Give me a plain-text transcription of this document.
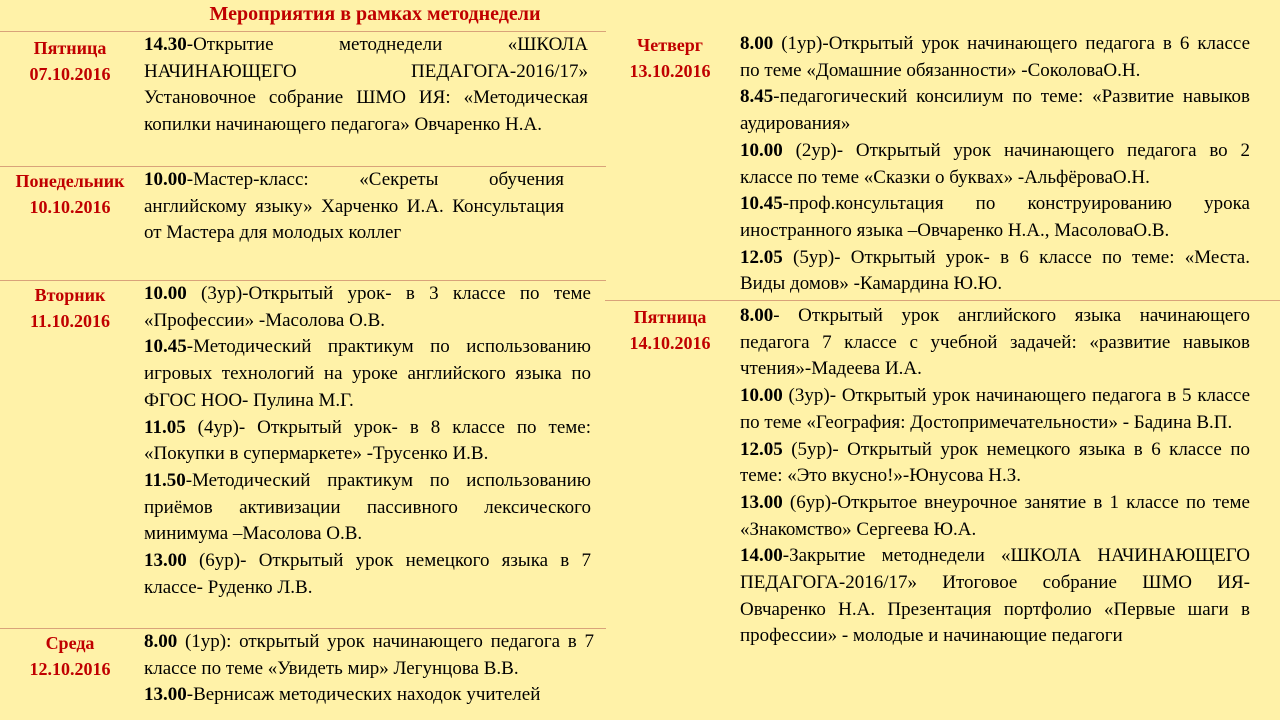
Мероприятия в рамках методнедели
Пятница
07.10.2016

14.30-Открытие методнедели «ШКОЛА НАЧИНАЮЩЕГО ПЕДАГОГА-2016/17» Установочное собрание ШМО ИЯ: «Методическая копилки начинающего педагога» Овчаренко Н.А.

Понедельник
10.10.2016

10.00-Мастер-класс: «Секреты обучения английскому языку» Харченко И.А. Консультация от Мастера для молодых коллег

Вторник
11.10.2016

10.00 (3ур)-Открытый урок- в 3 классе по теме «Профессии» -Масолова О.В.

10.45-Методический практикум по использованию игровых технологий на уроке английского языка по ФГОС НОО- Пулина М.Г.

11.05 (4ур)- Открытый урок- в 8 классе по теме: «Покупки в супермаркете» -Трусенко И.В.

11.50-Методический практикум по использованию приёмов активизации пассивного лексического минимума –Масолова О.В.

13.00 (6ур)- Открытый урок немецкого языка в 7 классе- Руденко Л.В.

Среда
12.10.2016

8.00 (1ур): открытый урок начинающего педагога в 7 классе по теме «Увидеть мир» Легунцова В.В.

13.00-Вернисаж методических находок учителей

Четверг
13.10.2016

8.00 (1ур)-Открытый урок начинающего педагога в 6 классе по теме «Домашние обязанности» -СоколоваО.Н.

8.45-педагогический консилиум по теме: «Развитие навыков аудирования»

10.00 (2ур)- Открытый урок начинающего педагога во 2 классе по теме «Сказки о буквах» -АльфёроваО.Н.

10.45-проф.консультация по конструированию урока иностранного языка –Овчаренко Н.А., МасоловаО.В.

12.05 (5ур)- Открытый урок- в 6 классе по теме: «Места. Виды домов» -Камардина Ю.Ю.

Пятница
14.10.2016

8.00- Открытый урок английского языка начинающего педагога 7 классе с учебной задачей: «развитие навыков чтения»-Мадеева И.А.

10.00 (3ур)- Открытый урок начинающего педагога в 5 классе по теме «География: Достопримечательности» - Бадина В.П.

12.05 (5ур)- Открытый урок немецкого языка в 6 классе по теме: «Это вкусно!»-Юнусова Н.З.

13.00 (6ур)-Открытое внеурочное занятие в 1 классе по теме «Знакомство» Сергеева Ю.А.

14.00-Закрытие методнедели «ШКОЛА НАЧИНАЮЩЕГО ПЕДАГОГА-2016/17» Итоговое собрание ШМО ИЯ-Овчаренко Н.А. Презентация портфолио «Первые шаги в профессии» - молодые и начинающие педагоги
